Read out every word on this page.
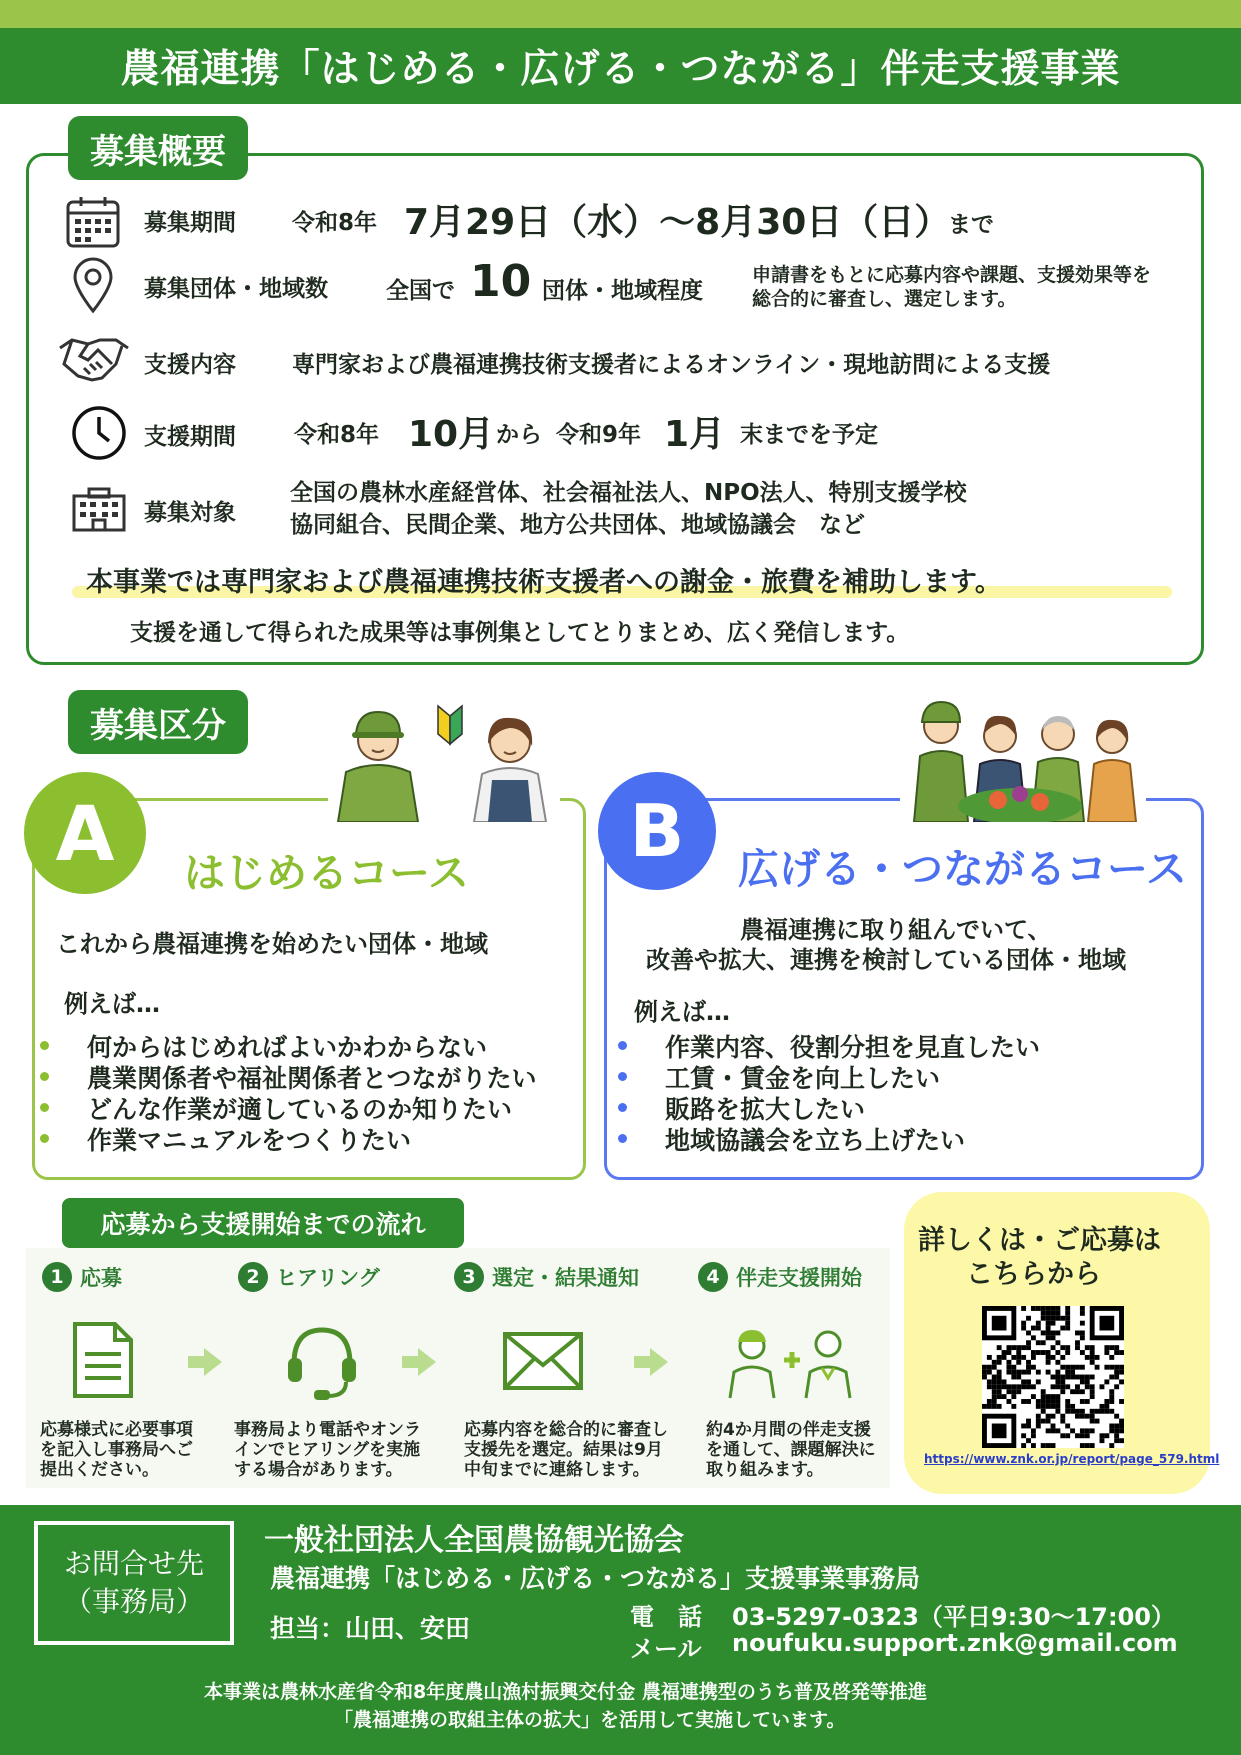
農福連携「はじめる・広げる・つながる」伴走支援事業
募集概要
募集期間 令和8年 7月29日（水）〜8月30日（日）
まで
募集団体・地域数	全国で 10 団体・地域程度
申請書をもとに応募内容や課題、支援効果等を
総合的に審査し、選定します。
支援内容 専門家および農福連携技術支援者によるオンライン・現地訪問による支援
支援期間	令和8年 10月 から 令和9年 1月 末までを予定
募集対象
全国の農林水産経営体、社会福祉法人、NPO法人、特別支援学校
協同組合、民間企業、地方公共団体、地域協議会　など
本事業では専門家および農福連携技術支援者への謝金・旅費を補助します。
支援を通して得られた成果等は事例集としてとりまとめ、広く発信します。
募集区分
A	はじめるコース
これから農福連携を始めたい団体・地域
例えば…
何からはじめればよいかわからない
農業関係者や福祉関係者とつながりたい
どんな作業が適しているのか知りたい
作業マニュアルをつくりたい
B	広げる・つながるコース
農福連携に取り組んでいて、
改善や拡大、連携を検討している団体・地域
例えば…
作業内容、役割分担を見直したい
工賃・賃金を向上したい
販路を拡大したい
地域協議会を立ち上げたい
応募から支援開始までの流れ
1 応募
応募様式に必要事項
を記入し事務局へご
提出ください。
2 ヒアリング
事務局より電話やオンラ
インでヒアリングを実施
する場合があります。
3 選定・結果通知
応募内容を総合的に審査し
支援先を選定。結果は9月
中旬までに連絡します。
4 伴走支援開始
約4か月間の伴走支援
を通して、課題解決に
取り組みます。
詳しくは・ご応募は
こちらから
https://www.znk.or.jp/report/page_579.html
お問合せ先
（事務局）
一般社団法人全国農協観光協会
農福連携「はじめる・広げる・つながる」支援事業事務局
担当：山田、安田	電　話 03-5297-0323（平日9:30〜17:00）
メール noufuku.support.znk@gmail.com
本事業は農林水産省令和8年度農山漁村振興交付金 農福連携型のうち普及啓発等推進
「農福連携の取組主体の拡大」を活用して実施しています。
